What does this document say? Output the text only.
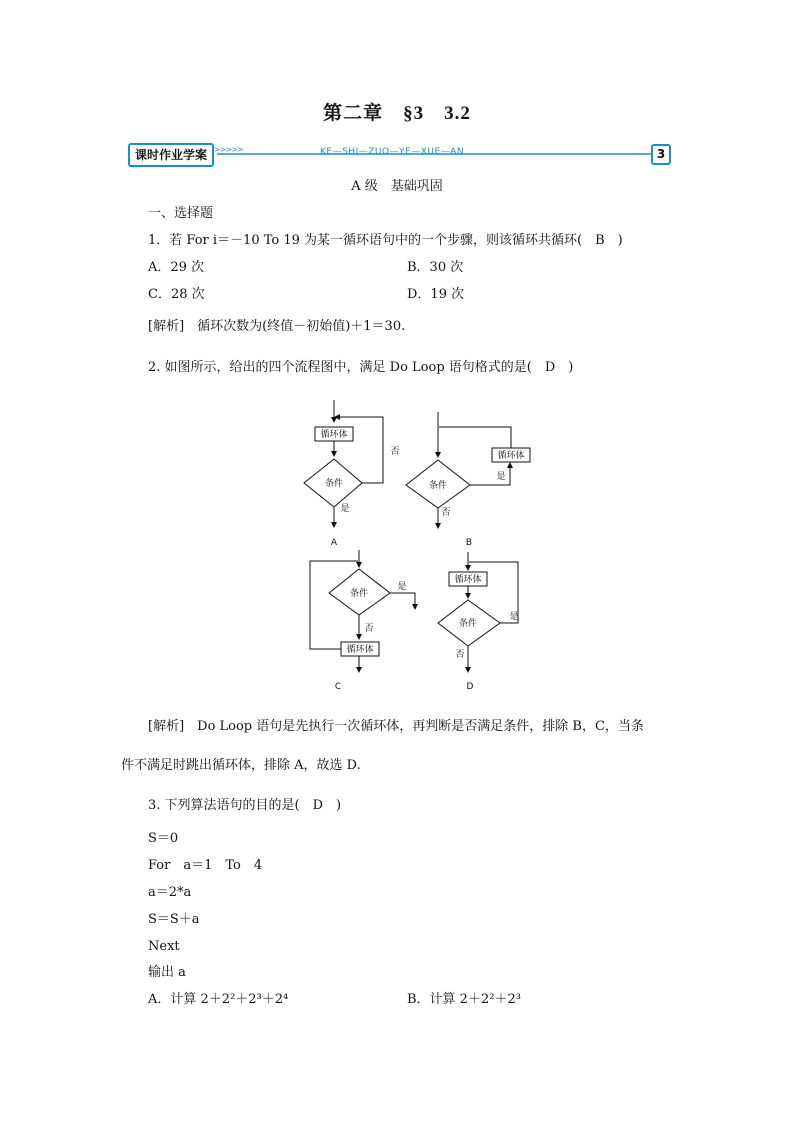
第二章　§3　3.2
课时作业学案 >>>>>	KE—SHI—ZUO—YE—XUE—AN	3
A 级　基础巩固
一、选择题
1．若 For i＝－10 To 19 为某一循环语句中的一个步骤，则该循环共循环(　B　)
A．29 次	B．30 次
C．28 次	D．19 次
[解析]　循环次数为(终值－初始值)＋1＝30.
2. 如图所示，给出的四个流程图中，满足 Do Loop 语句格式的是(　D　)
循环体
条件
否
是
A
循环体
条件
是
否
B
条件
是
否
循环体
C
循环体
条件
是
否
D
[解析]　Do Loop 语句是先执行一次循环体，再判断是否满足条件，排除 B，C，当条
件不满足时跳出循环体，排除 A，故选 D.
3. 下列算法语句的目的是(　D　)
S＝0
For　a＝1　To　4
a＝2*a
S＝S＋a
Next
输出 a
A．计算 2＋2²＋2³＋2⁴	B．计算 2＋2²＋2³
